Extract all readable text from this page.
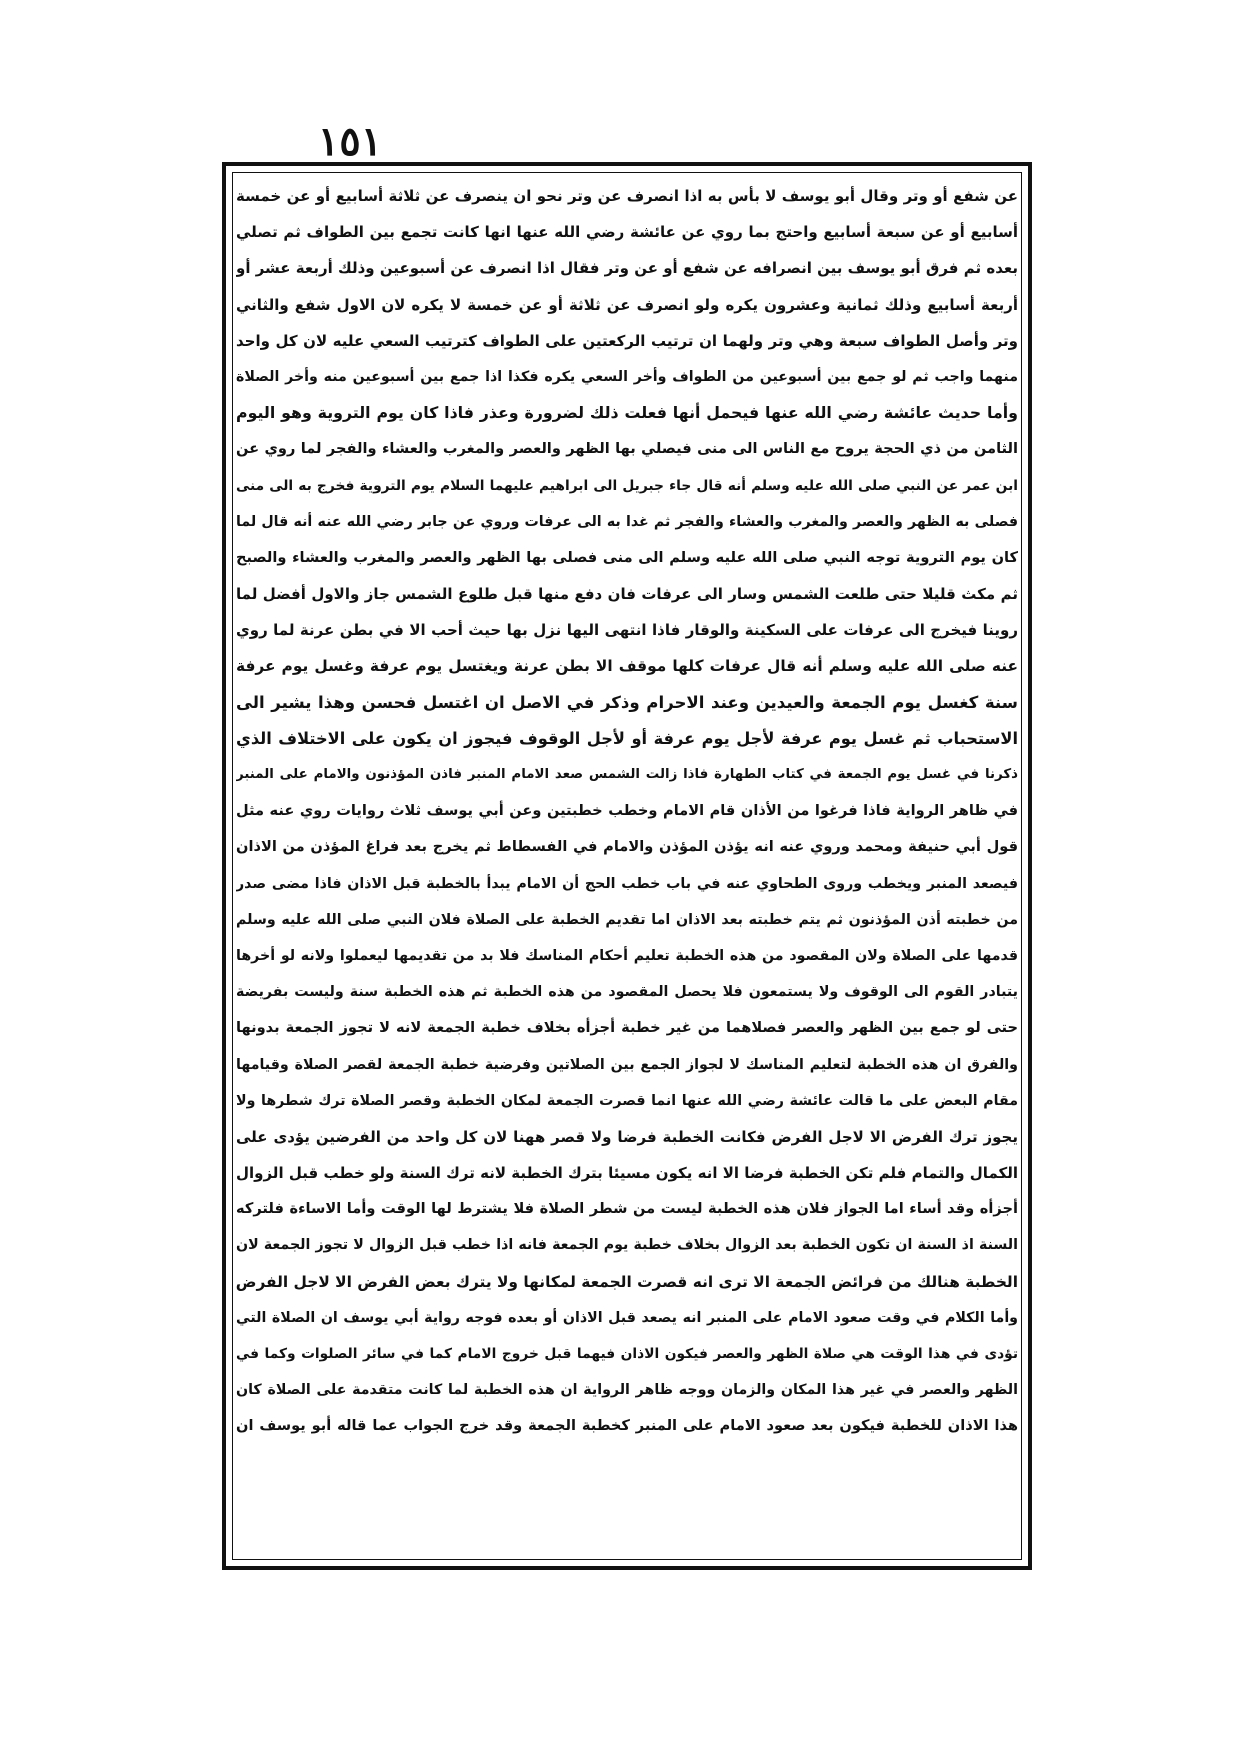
١٥١
عن شفع أو وتر وقال أبو يوسف لا بأس به اذا انصرف عن وتر نحو ان ينصرف عن ثلاثة أسابيع أو عن خمسة
أسابيع أو عن سبعة أسابيع واحتج بما روي عن عائشة رضي الله عنها انها كانت تجمع بين الطواف ثم تصلي
بعده ثم فرق أبو يوسف بين انصرافه عن شفع أو عن وتر فقال اذا انصرف عن أسبوعين وذلك أربعة عشر أو
أربعة أسابيع وذلك ثمانية وعشرون يكره ولو انصرف عن ثلاثة أو عن خمسة لا يكره لان الاول شفع والثاني
وتر وأصل الطواف سبعة وهي وتر ولهما ان ترتيب الركعتين على الطواف كترتيب السعي عليه لان كل واحد
منهما واجب ثم لو جمع بين أسبوعين من الطواف وأخر السعي يكره فكذا اذا جمع بين أسبوعين منه وأخر الصلاة
وأما حديث عائشة رضي الله عنها فيحمل أنها فعلت ذلك لضرورة وعذر فاذا كان يوم التروية وهو اليوم
الثامن من ذي الحجة يروح مع الناس الى منى فيصلي بها الظهر والعصر والمغرب والعشاء والفجر لما روي عن
ابن عمر عن النبي صلى الله عليه وسلم أنه قال جاء جبريل الى ابراهيم عليهما السلام يوم التروية فخرج به الى منى
فصلى به الظهر والعصر والمغرب والعشاء والفجر ثم غدا به الى عرفات وروي عن جابر رضي الله عنه أنه قال لما
كان يوم التروية توجه النبي صلى الله عليه وسلم الى منى فصلى بها الظهر والعصر والمغرب والعشاء والصبح
ثم مكث قليلا حتى طلعت الشمس وسار الى عرفات فان دفع منها قبل طلوع الشمس جاز والاول أفضل لما
روينا فيخرج الى عرفات على السكينة والوقار فاذا انتهى اليها نزل بها حيث أحب الا في بطن عرنة لما روي
عنه صلى الله عليه وسلم أنه قال عرفات كلها موقف الا بطن عرنة ويغتسل يوم عرفة وغسل يوم عرفة
سنة كغسل يوم الجمعة والعيدين وعند الاحرام وذكر في الاصل ان اغتسل فحسن وهذا يشير الى
الاستحباب ثم غسل يوم عرفة لأجل يوم عرفة أو لأجل الوقوف فيجوز ان يكون على الاختلاف الذي
ذكرنا في غسل يوم الجمعة في كتاب الطهارة فاذا زالت الشمس صعد الامام المنبر فاذن المؤذنون والامام على المنبر
في ظاهر الرواية فاذا فرغوا من الأذان قام الامام وخطب خطبتين وعن أبي يوسف ثلاث روايات روي عنه مثل
قول أبي حنيفة ومحمد وروي عنه انه يؤذن المؤذن والامام في الفسطاط ثم يخرج بعد فراغ المؤذن من الاذان
فيصعد المنبر ويخطب وروى الطحاوي عنه في باب خطب الحج أن الامام يبدأ بالخطبة قبل الاذان فاذا مضى صدر
من خطبته أذن المؤذنون ثم يتم خطبته بعد الاذان اما تقديم الخطبة على الصلاة فلان النبي صلى الله عليه وسلم
قدمها على الصلاة ولان المقصود من هذه الخطبة تعليم أحكام المناسك فلا بد من تقديمها ليعملوا ولانه لو أخرها
يتبادر القوم الى الوقوف ولا يستمعون فلا يحصل المقصود من هذه الخطبة ثم هذه الخطبة سنة وليست بفريضة
حتى لو جمع بين الظهر والعصر فصلاهما من غير خطبة أجزأه بخلاف خطبة الجمعة لانه لا تجوز الجمعة بدونها
والفرق ان هذه الخطبة لتعليم المناسك لا لجواز الجمع بين الصلاتين وفرضية خطبة الجمعة لقصر الصلاة وقيامها
مقام البعض على ما قالت عائشة رضي الله عنها انما قصرت الجمعة لمكان الخطبة وقصر الصلاة ترك شطرها ولا
يجوز ترك الفرض الا لاجل الفرض فكانت الخطبة فرضا ولا قصر ههنا لان كل واحد من الفرضين يؤدى على
الكمال والتمام فلم تكن الخطبة فرضا الا انه يكون مسيئا بترك الخطبة لانه ترك السنة ولو خطب قبل الزوال
أجزأه وقد أساء اما الجواز فلان هذه الخطبة ليست من شطر الصلاة فلا يشترط لها الوقت وأما الاساءة فلتركه
السنة اذ السنة ان تكون الخطبة بعد الزوال بخلاف خطبة يوم الجمعة فانه اذا خطب قبل الزوال لا تجوز الجمعة لان
الخطبة هنالك من فرائض الجمعة الا ترى انه قصرت الجمعة لمكانها ولا يترك بعض الفرض الا لاجل الفرض
وأما الكلام في وقت صعود الامام على المنبر انه يصعد قبل الاذان أو بعده فوجه رواية أبي يوسف ان الصلاة التي
تؤدى في هذا الوقت هي صلاة الظهر والعصر فيكون الاذان فيهما قبل خروج الامام كما في سائر الصلوات وكما في
الظهر والعصر في غير هذا المكان والزمان ووجه ظاهر الرواية ان هذه الخطبة لما كانت متقدمة على الصلاة كان
هذا الاذان للخطبة فيكون بعد صعود الامام على المنبر كخطبة الجمعة وقد خرج الجواب عما قاله أبو يوسف ان
